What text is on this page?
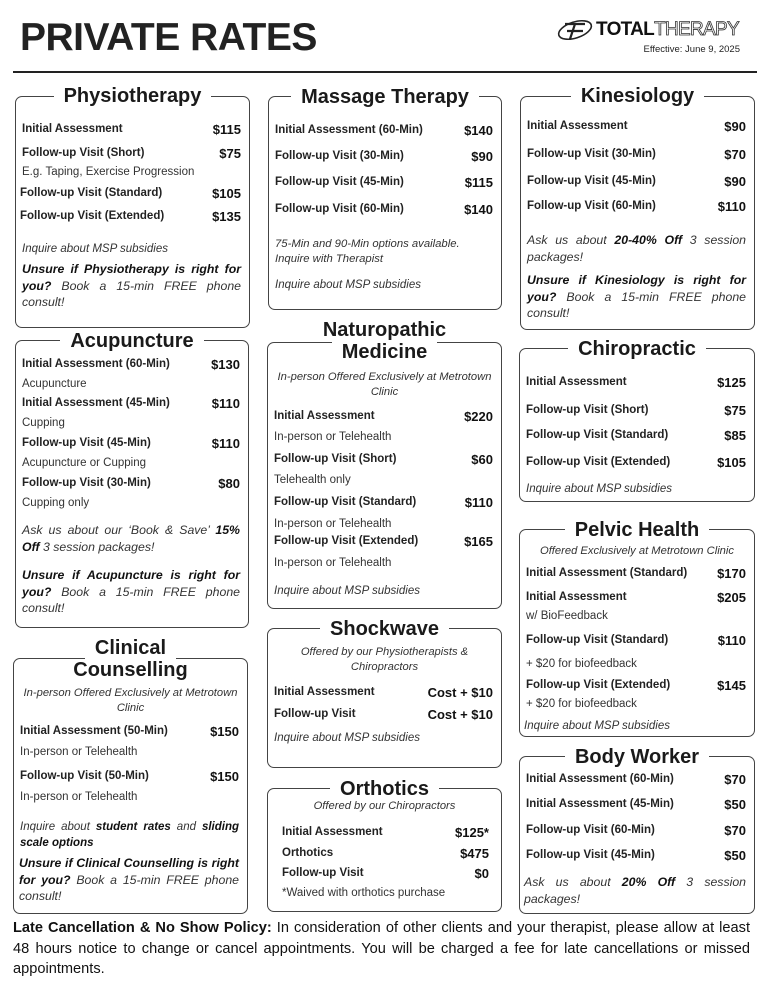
PRIVATE RATES	TOTALTHERAPY
Effective: June 9, 2025
Physiotherapy
Initial Assessment	$115
Follow-up Visit (Short)	$75
E.g. Taping, Exercise Progression
Follow-up Visit (Standard)	$105
Follow-up Visit (Extended)	$135
Inquire about MSP subsidies
Unsure if Physiotherapy is right for you? Book a 15-min FREE phone consult!
Massage Therapy
Initial Assessment (60-Min)	$140
Follow-up Visit (30-Min)	$90
Follow-up Visit (45-Min)	$115
Follow-up Visit (60-Min)	$140
75-Min and 90-Min options available. Inquire with Therapist
Inquire about MSP subsidies
Kinesiology
Initial Assessment	$90
Follow-up Visit (30-Min)	$70
Follow-up Visit (45-Min)	$90
Follow-up Visit (60-Min)	$110
Ask us about 20-40% Off 3 session packages!
Unsure if Kinesiology is right for you? Book a 15-min FREE phone consult!
Acupuncture
Initial Assessment (60-Min)	$130
Acupuncture
Initial Assessment (45-Min)	$110
Cupping
Follow-up Visit (45-Min)	$110
Acupuncture or Cupping
Follow-up Visit (30-Min)	$80
Cupping only
Ask us about our ‘Book & Save’ 15% Off 3 session packages!
Unsure if Acupuncture is right for you? Book a 15-min FREE phone consult!
Naturopathic
Medicine
In-person Offered Exclusively at Metrotown Clinic
Initial Assessment	$220
In-person or Telehealth
Follow-up Visit (Short)	$60
Telehealth only
Follow-up Visit (Standard)	$110
In-person or Telehealth
Follow-up Visit (Extended)	$165
In-person or Telehealth
Inquire about MSP subsidies
Chiropractic
Initial Assessment	$125
Follow-up Visit (Short)	$75
Follow-up Visit (Standard)	$85
Follow-up Visit (Extended)	$105
Inquire about MSP subsidies
Pelvic Health
Offered Exclusively at Metrotown Clinic
Initial Assessment (Standard) $170
Initial Assessment	$205
w/ BioFeedback
Follow-up Visit (Standard)	$110
+ $20 for biofeedback
Follow-up Visit (Extended)	$145
+ $20 for biofeedback
Inquire about MSP subsidies
Clinical
Counselling
In-person Offered Exclusively at Metrotown Clinic
Initial Assessment (50-Min)	$150
In-person or Telehealth
Follow-up Visit (50-Min)	$150
In-person or Telehealth
Inquire about student rates and sliding scale options
Unsure if Clinical Counselling is right for you? Book a 15-min FREE phone consult!
Shockwave
Offered by our Physiotherapists & Chiropractors
Initial Assessment	Cost + $10
Follow-up Visit	Cost + $10
Inquire about MSP subsidies
Orthotics
Offered by our Chiropractors
Initial Assessment	$125*
Orthotics	$475
Follow-up Visit	$0
*Waived with orthotics purchase
Body Worker
Initial Assessment (60-Min)	$70
Initial Assessment (45-Min)	$50
Follow-up Visit (60-Min)	$70
Follow-up Visit (45-Min)	$50
Ask us about 20% Off 3 session packages!
Late Cancellation & No Show Policy: In consideration of other clients and your therapist, please allow at least 48 hours notice to change or cancel appointments. You will be charged a fee for late cancellations or missed appointments.
